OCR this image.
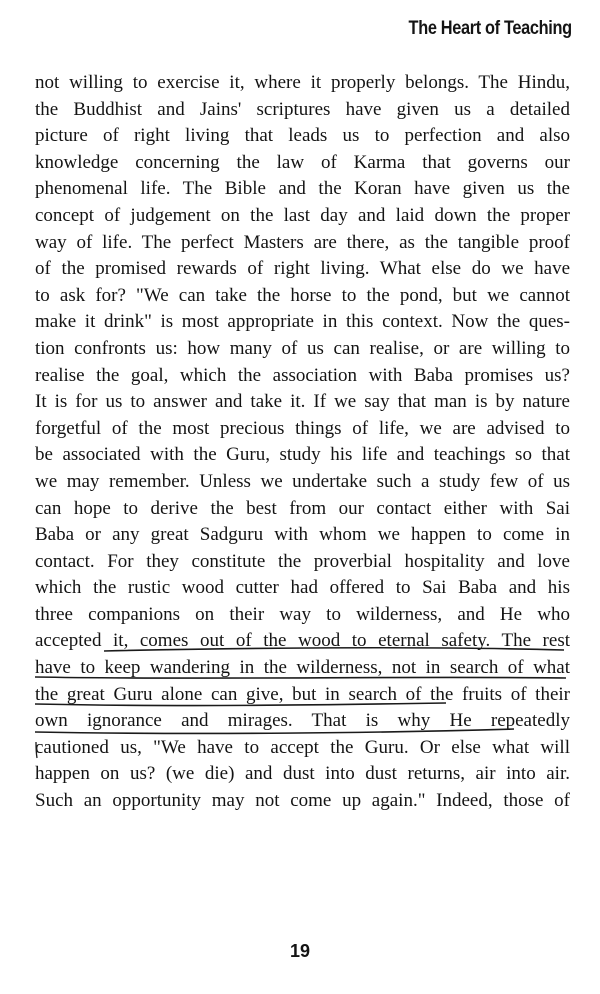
The Heart of Teaching
not willing to exercise it, where it properly belongs. The Hindu,
the Buddhist and Jains' scriptures have given us a detailed
picture of right living that leads us to perfection and also
knowledge concerning the law of Karma that governs our
phenomenal life. The Bible and the Koran have given us the
concept of judgement on the last day and laid down the proper
way of life. The perfect Masters are there, as the tangible proof
of the promised rewards of right living. What else do we have
to ask for? "We can take the horse to the pond, but we cannot
make it drink" is most appropriate in this context. Now the ques-
tion confronts us: how many of us can realise, or are willing to
realise the goal, which the association with Baba promises us?
It is for us to answer and take it. If we say that man is by nature
forgetful of the most precious things of life, we are advised to
be associated with the Guru, study his life and teachings so that
we may remember. Unless we undertake such a study few of us
can hope to derive the best from our contact either with Sai
Baba or any great Sadguru with whom we happen to come in
contact. For they constitute the proverbial hospitality and love
which the rustic wood cutter had offered to Sai Baba and his
three companions on their way to wilderness, and He who
accepted it, comes out of the wood to eternal safety. The rest
have to keep wandering in the wilderness, not in search of what
the great Guru alone can give, but in search of the fruits of their
own ignorance and mirages. That is why He repeatedly
cautioned us, "We have to accept the Guru. Or else what will
happen on us? (we die) and dust into dust returns, air into air.
Such an opportunity may not come up again." Indeed, those of
19
